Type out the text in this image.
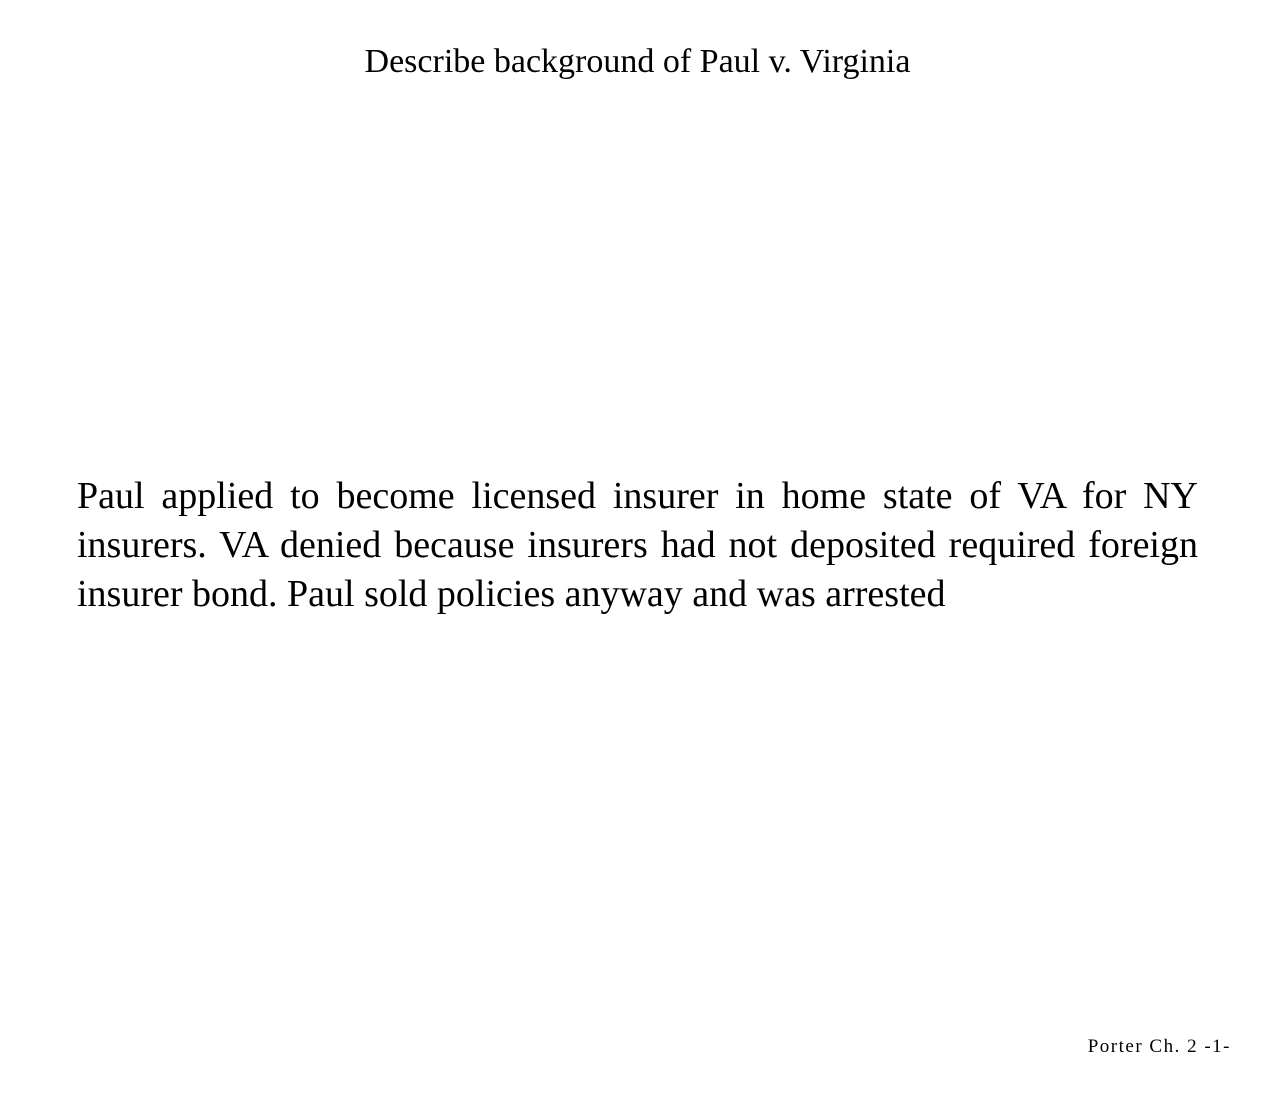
Describe background of Paul v. Virginia
Paul applied to become licensed insurer in home state of VA for NY insurers. VA denied because insurers had not deposited required foreign insurer bond. Paul sold policies anyway and was arrested
Porter Ch. 2 -1-
